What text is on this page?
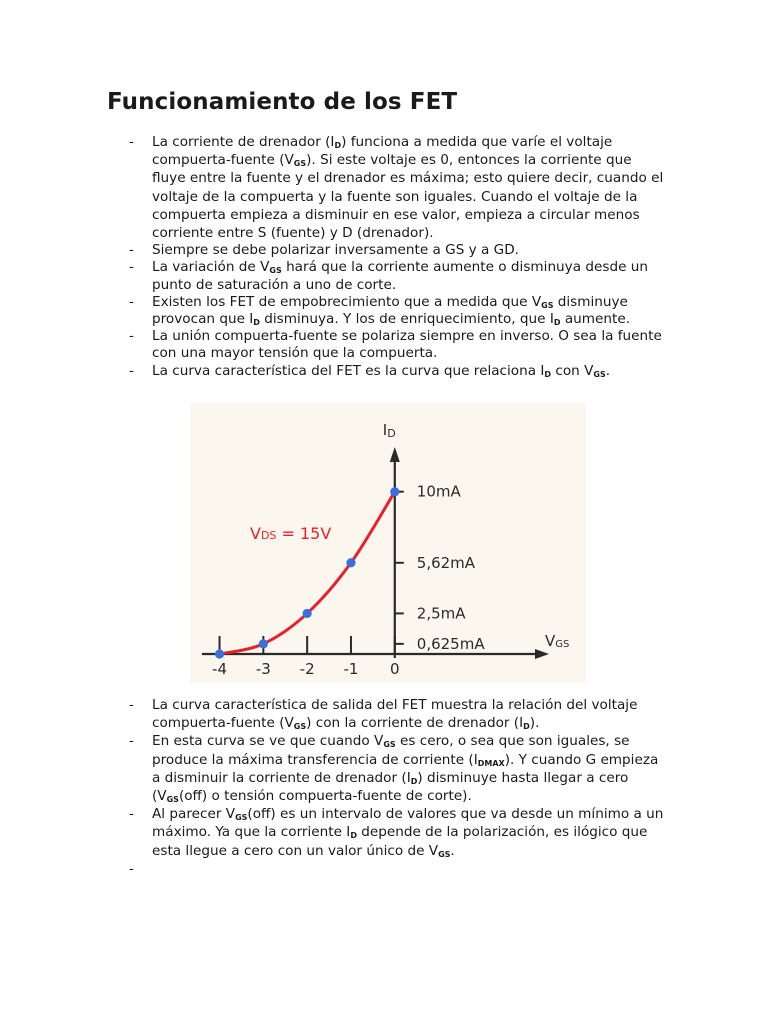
Funcionamiento de los FET
- La corriente de drenador $(I_D)$ funciona a medida que varíe el voltaje compuerta-fuente $(V_{GS})$. Si este voltaje es 0, entonces la corriente que fluye entre la fuente y el drenador es máxima; esto quiere decir, cuando el voltaje de la compuerta y la fuente son iguales. Cuando el voltaje de la compuerta empieza a disminuir en ese valor, empieza a circular menos corriente entre S (fuente) y D (drenador).
- Siempre se debe polarizar inversamente a GS y a GD.
- La variación de $V_{GS}$ hará que la corriente aumente o disminuya desde un punto de saturación a uno de corte.
- Existen los FET de empobrecimiento que a medida que $V_{GS}$ disminuye provocan que $I_D$ disminuya. Y los de enriquecimiento, que $I_D$ aumente.
- La unión compuerta-fuente se polariza siempre en inverso. O sea la fuente con una mayor tensión que la compuerta.
- La curva característica del FET es la curva que relaciona $I_D$ con $V_{GS}$.
-4 -3 -2 -1 0
0,625mA
2,5mA
5,62mA
10mA
ID
VGS
VDS = 15V
- La curva característica de salida del FET muestra la relación del voltaje compuerta-fuente $(V_{GS})$ con la corriente de drenador $(I_D)$.
- En esta curva se ve que cuando $V_{GS}$ es cero, o sea que son iguales, se produce la máxima transferencia de corriente $(I_{DMAX})$. Y cuando G empieza a disminuir la corriente de drenador $(I_D)$ disminuye hasta llegar a cero ($V_{GS}(off)$ o tensión compuerta-fuente de corte).
- Al parecer $V_{GS}(off)$ es un intervalo de valores que va desde un mínimo a un máximo. Ya que la corriente $I_D$ depende de la polarización, es ilógico que esta llegue a cero con un valor único de $V_{GS}$.
-
